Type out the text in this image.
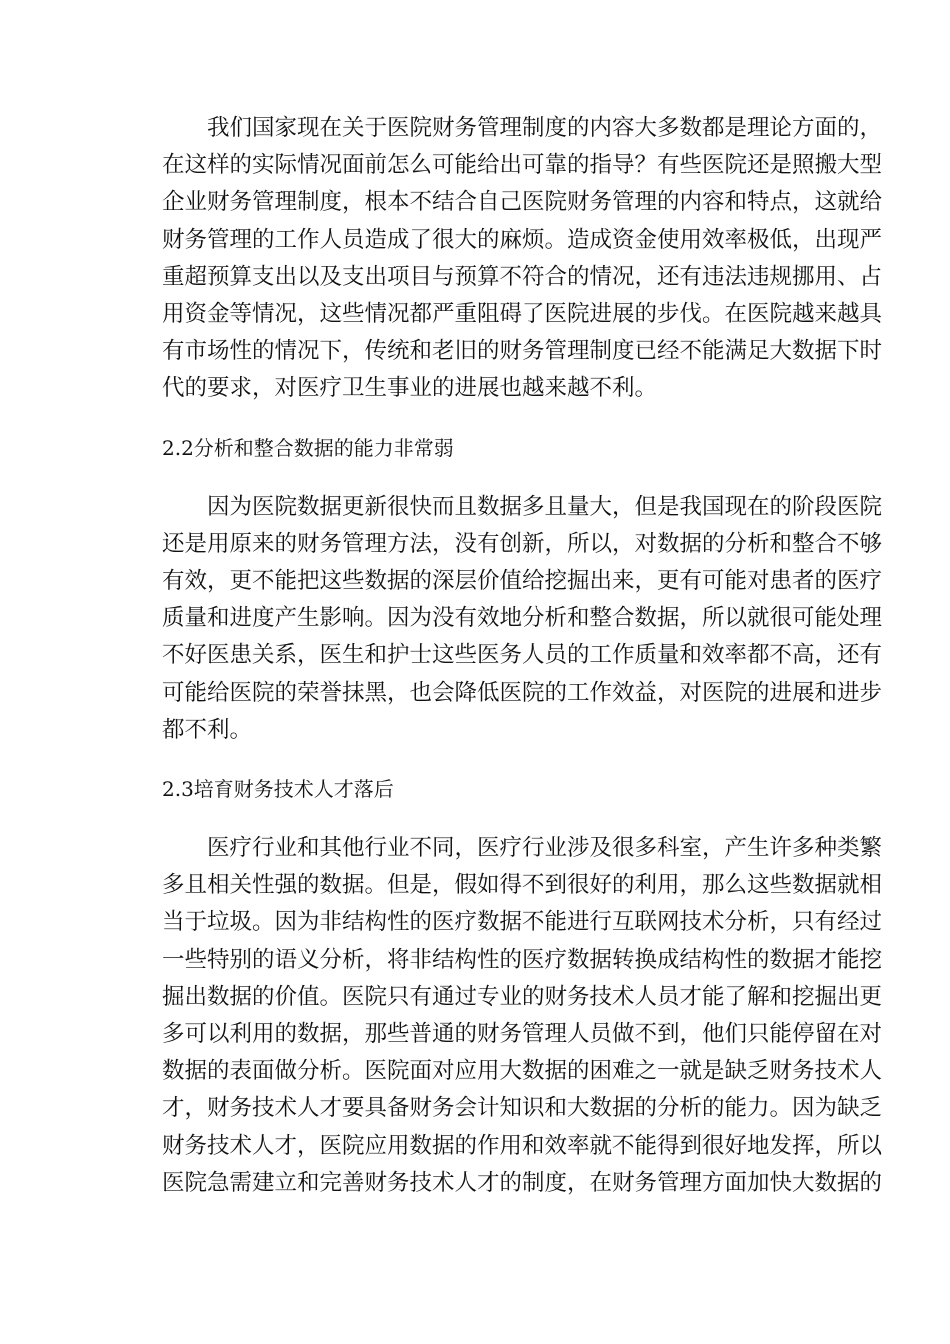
我们国家现在关于医院财务管理制度的内容大多数都是理论方面的，
在这样的实际情况面前怎么可能给出可靠的指导？有些医院还是照搬大型
企业财务管理制度，根本不结合自己医院财务管理的内容和特点，这就给
财务管理的工作人员造成了很大的麻烦。造成资金使用效率极低，出现严
重超预算支出以及支出项目与预算不符合的情况，还有违法违规挪用、占
用资金等情况，这些情况都严重阻碍了医院进展的步伐。在医院越来越具
有市场性的情况下，传统和老旧的财务管理制度已经不能满足大数据下时
代的要求，对医疗卫生事业的进展也越来越不利。
2.2分析和整合数据的能力非常弱
因为医院数据更新很快而且数据多且量大，但是我国现在的阶段医院
还是用原来的财务管理方法，没有创新，所以，对数据的分析和整合不够
有效，更不能把这些数据的深层价值给挖掘出来，更有可能对患者的医疗
质量和进度产生影响。因为没有效地分析和整合数据，所以就很可能处理
不好医患关系，医生和护士这些医务人员的工作质量和效率都不高，还有
可能给医院的荣誉抹黑，也会降低医院的工作效益，对医院的进展和进步
都不利。
2.3培育财务技术人才落后
医疗行业和其他行业不同，医疗行业涉及很多科室，产生许多种类繁
多且相关性强的数据。但是，假如得不到很好的利用，那么这些数据就相
当于垃圾。因为非结构性的医疗数据不能进行互联网技术分析，只有经过
一些特别的语义分析，将非结构性的医疗数据转换成结构性的数据才能挖
掘出数据的价值。医院只有通过专业的财务技术人员才能了解和挖掘出更
多可以利用的数据，那些普通的财务管理人员做不到，他们只能停留在对
数据的表面做分析。医院面对应用大数据的困难之一就是缺乏财务技术人
才，财务技术人才要具备财务会计知识和大数据的分析的能力。因为缺乏
财务技术人才，医院应用数据的作用和效率就不能得到很好地发挥，所以
医院急需建立和完善财务技术人才的制度，在财务管理方面加快大数据的
